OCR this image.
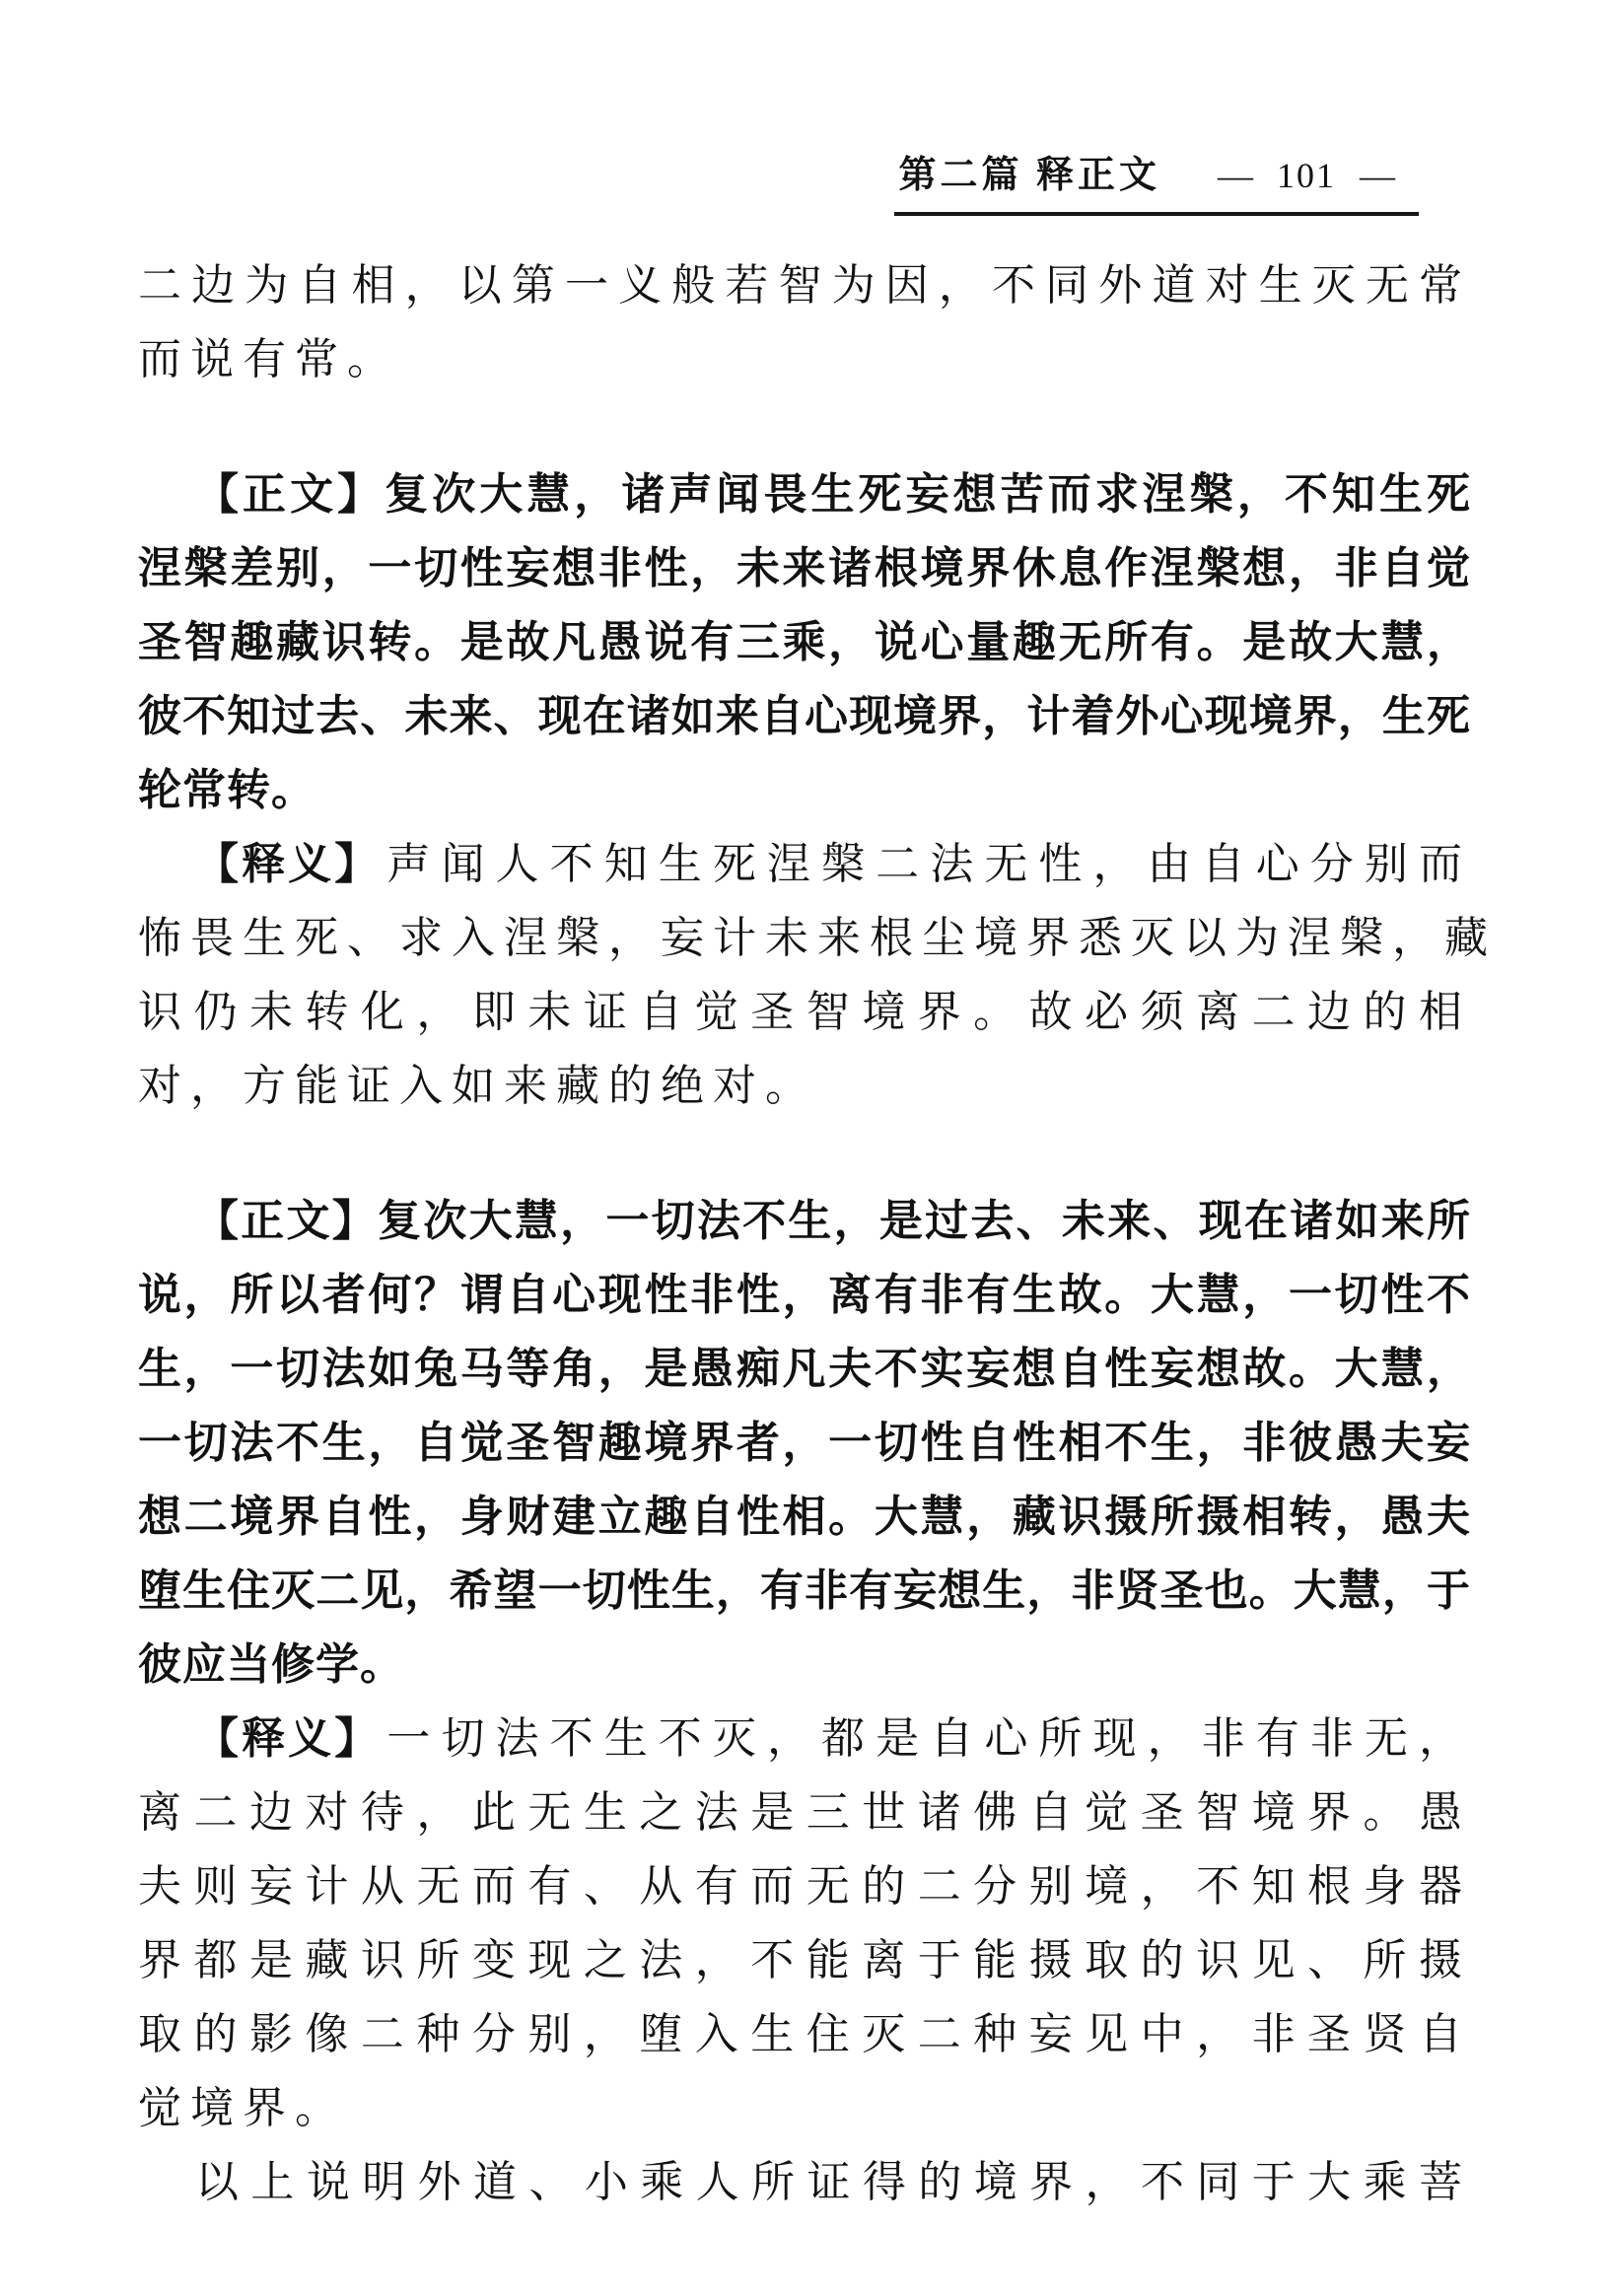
第二篇 释正文 — 101 —
二边为自相，以第一义般若智为因，不同外道对生灭无常
而说有常。
【正文】复次大慧，诸声闻畏生死妄想苦而求涅槃，不知生死
涅槃差别，一切性妄想非性，未来诸根境界休息作涅槃想，非自觉
圣智趣藏识转。是故凡愚说有三乘，说心量趣无所有。是故大慧，
彼不知过去、未来、现在诸如来自心现境界，计着外心现境界，生死
轮常转。
【释义】 声闻人不知生死涅槃二法无性，由自心分别而
怖畏生死、求入涅槃，妄计未来根尘境界悉灭以为涅槃，藏
识仍未转化，即未证自觉圣智境界。故必须离二边的相
对，方能证入如来藏的绝对。
【正文】复次大慧，一切法不生，是过去、未来、现在诸如来所
说，所以者何？谓自心现性非性，离有非有生故。大慧，一切性不
生，一切法如兔马等角，是愚痴凡夫不实妄想自性妄想故。大慧，
一切法不生，自觉圣智趣境界者，一切性自性相不生，非彼愚夫妄
想二境界自性，身财建立趣自性相。大慧，藏识摄所摄相转，愚夫
堕生住灭二见，希望一切性生，有非有妄想生，非贤圣也。大慧，于
彼应当修学。
【释义】 一切法不生不灭，都是自心所现，非有非无，
离二边对待，此无生之法是三世诸佛自觉圣智境界。愚
夫则妄计从无而有、从有而无的二分别境，不知根身器
界都是藏识所变现之法，不能离于能摄取的识见、所摄
取的影像二种分别，堕入生住灭二种妄见中，非圣贤自
觉境界。
以上说明外道、小乘人所证得的境界，不同于大乘菩
